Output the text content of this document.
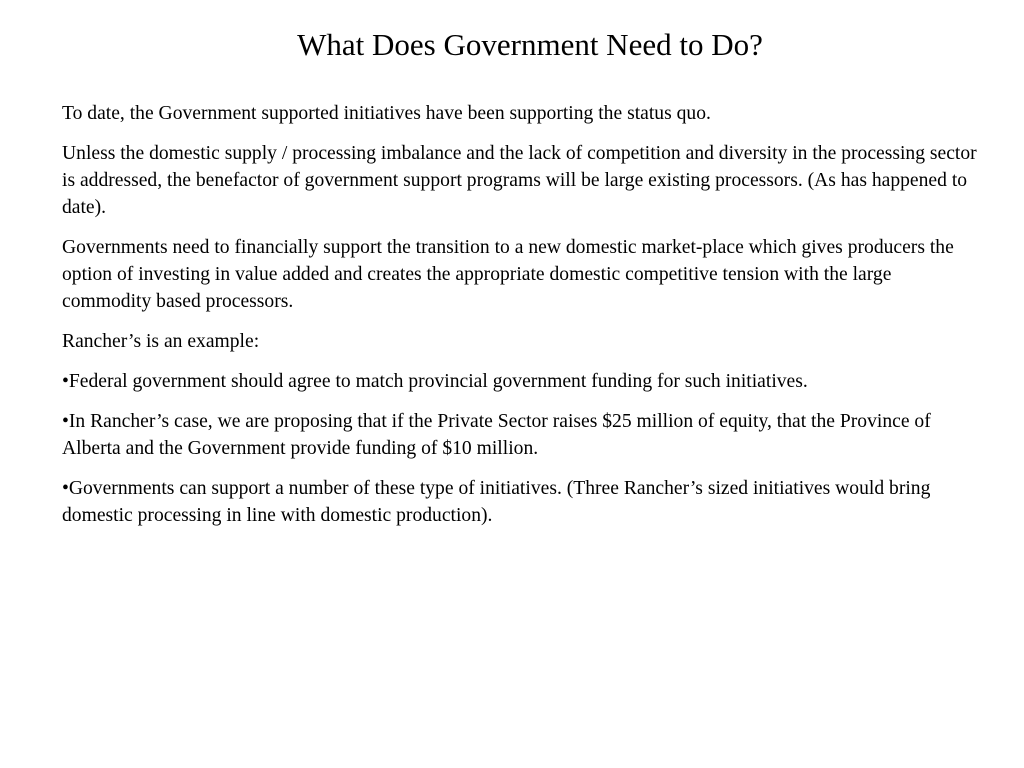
What Does Government Need to Do?

To date, the Government supported initiatives have been supporting the status quo.

Unless the domestic supply / processing imbalance and the lack of competition and diversity in the processing sector is addressed, the benefactor of government support programs will be large existing processors. (As has happened to date).

Governments need to financially support the transition to a new domestic market-place which gives producers the option of investing in value added and creates the appropriate domestic competitive tension with the large commodity based processors.

Rancher’s is an example:

•Federal government should agree to match provincial government funding for such initiatives.

•In Rancher’s case, we are proposing that if the Private Sector raises $25 million of equity, that the Province of Alberta and the Government provide funding of $10 million.

•Governments can support a number of these type of initiatives. (Three Rancher’s sized initiatives would bring domestic processing in line with domestic production).
